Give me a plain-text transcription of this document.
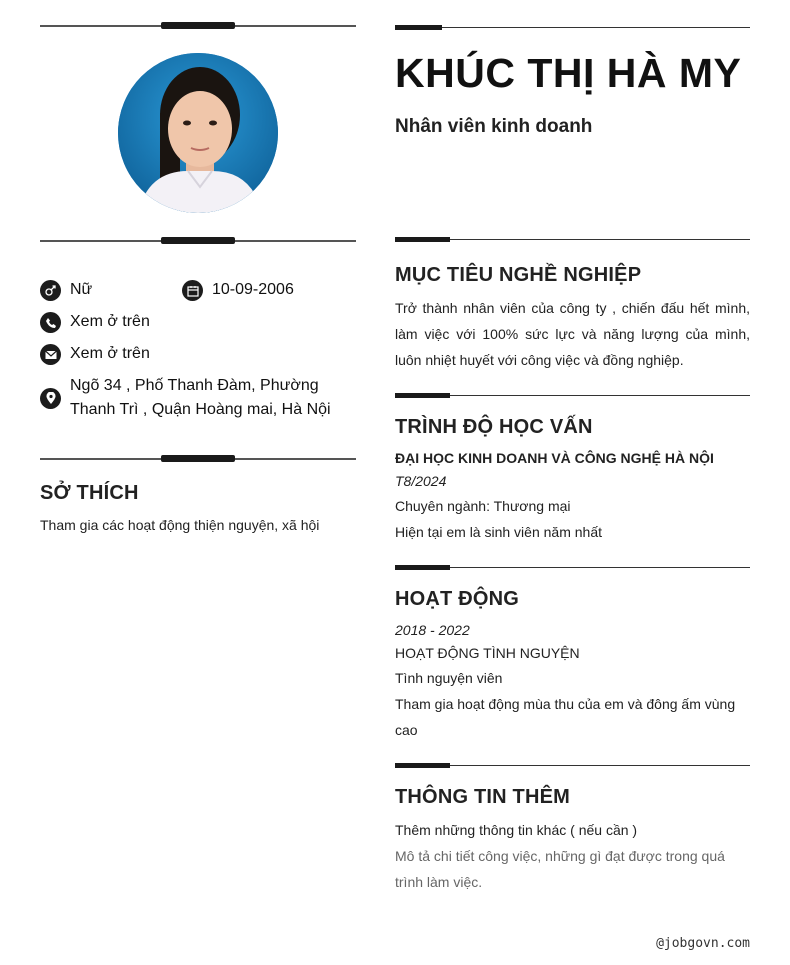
Nữ	10-09-2006
Xem ở trên
Xem ở trên
Ngõ 34 , Phố Thanh Đàm, Phường Thanh Trì , Quận Hoàng mai, Hà Nội
SỞ THÍCH
Tham gia các hoạt động thiện nguyện, xã hội
KHÚC THỊ HÀ MY
Nhân viên kinh doanh
MỤC TIÊU NGHỀ NGHIỆP
Trở thành nhân viên của công ty , chiến đấu hết mình, làm việc với 100% sức lực và năng lượng của mình, luôn nhiệt huyết với công việc và đồng nghiệp.
TRÌNH ĐỘ HỌC VẤN
ĐẠI HỌC KINH DOANH VÀ CÔNG NGHỆ HÀ NỘI
T8/2024
Chuyên ngành: Thương mại
Hiện tại em là sinh viên năm nhất
HOẠT ĐỘNG
2018 - 2022
HOẠT ĐỘNG TÌNH NGUYỆN
Tình nguyện viên
Tham gia hoạt động mùa thu của em và đông ấm vùng cao
THÔNG TIN THÊM
Thêm những thông tin khác ( nếu cần )
Mô tả chi tiết công việc, những gì đạt được trong quá trình làm việc.
@jobgovn.com
